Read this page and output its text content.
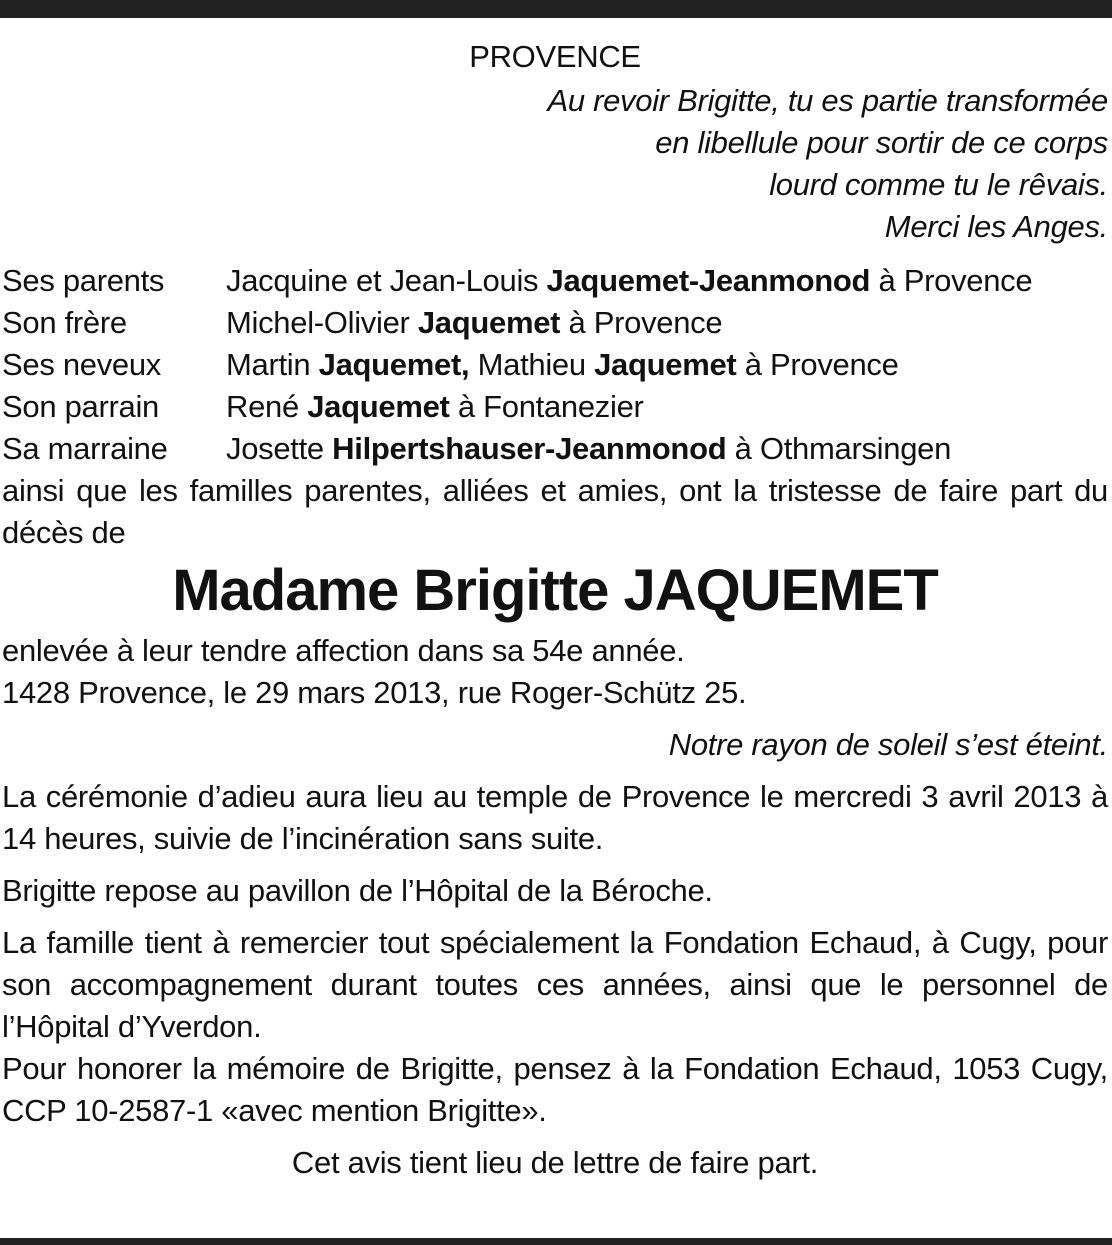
PROVENCE
Au revoir Brigitte, tu es partie transformée
en libellule pour sortir de ce corps
lourd comme tu le rêvais.
Merci les Anges.
Ses parents	Jacquine et Jean-Louis Jaquemet-Jeanmonod à Provence
Son frère	Michel-Olivier Jaquemet à Provence
Ses neveux	Martin Jaquemet, Mathieu Jaquemet à Provence
Son parrain	René Jaquemet à Fontanezier
Sa marraine	Josette Hilpertshauser-Jeanmonod à Othmarsingen
ainsi que les familles parentes, alliées et amies, ont la tristesse de faire part du décès de
Madame Brigitte JAQUEMET
enlevée à leur tendre affection dans sa 54e année.
1428 Provence, le 29 mars 2013, rue Roger-Schütz 25.
Notre rayon de soleil s’est éteint.
La cérémonie d’adieu aura lieu au temple de Provence le mercredi 3 avril 2013 à 14 heures, suivie de l’incinération sans suite.
Brigitte repose au pavillon de l’Hôpital de la Béroche.
La famille tient à remercier tout spécialement la Fondation Echaud, à Cugy, pour son accompagnement durant toutes ces années, ainsi que le personnel de l’Hôpital d’Yverdon.
Pour honorer la mémoire de Brigitte, pensez à la Fondation Echaud, 1053 Cugy, CCP 10-2587-1 «avec mention Brigitte».
Cet avis tient lieu de lettre de faire part.
